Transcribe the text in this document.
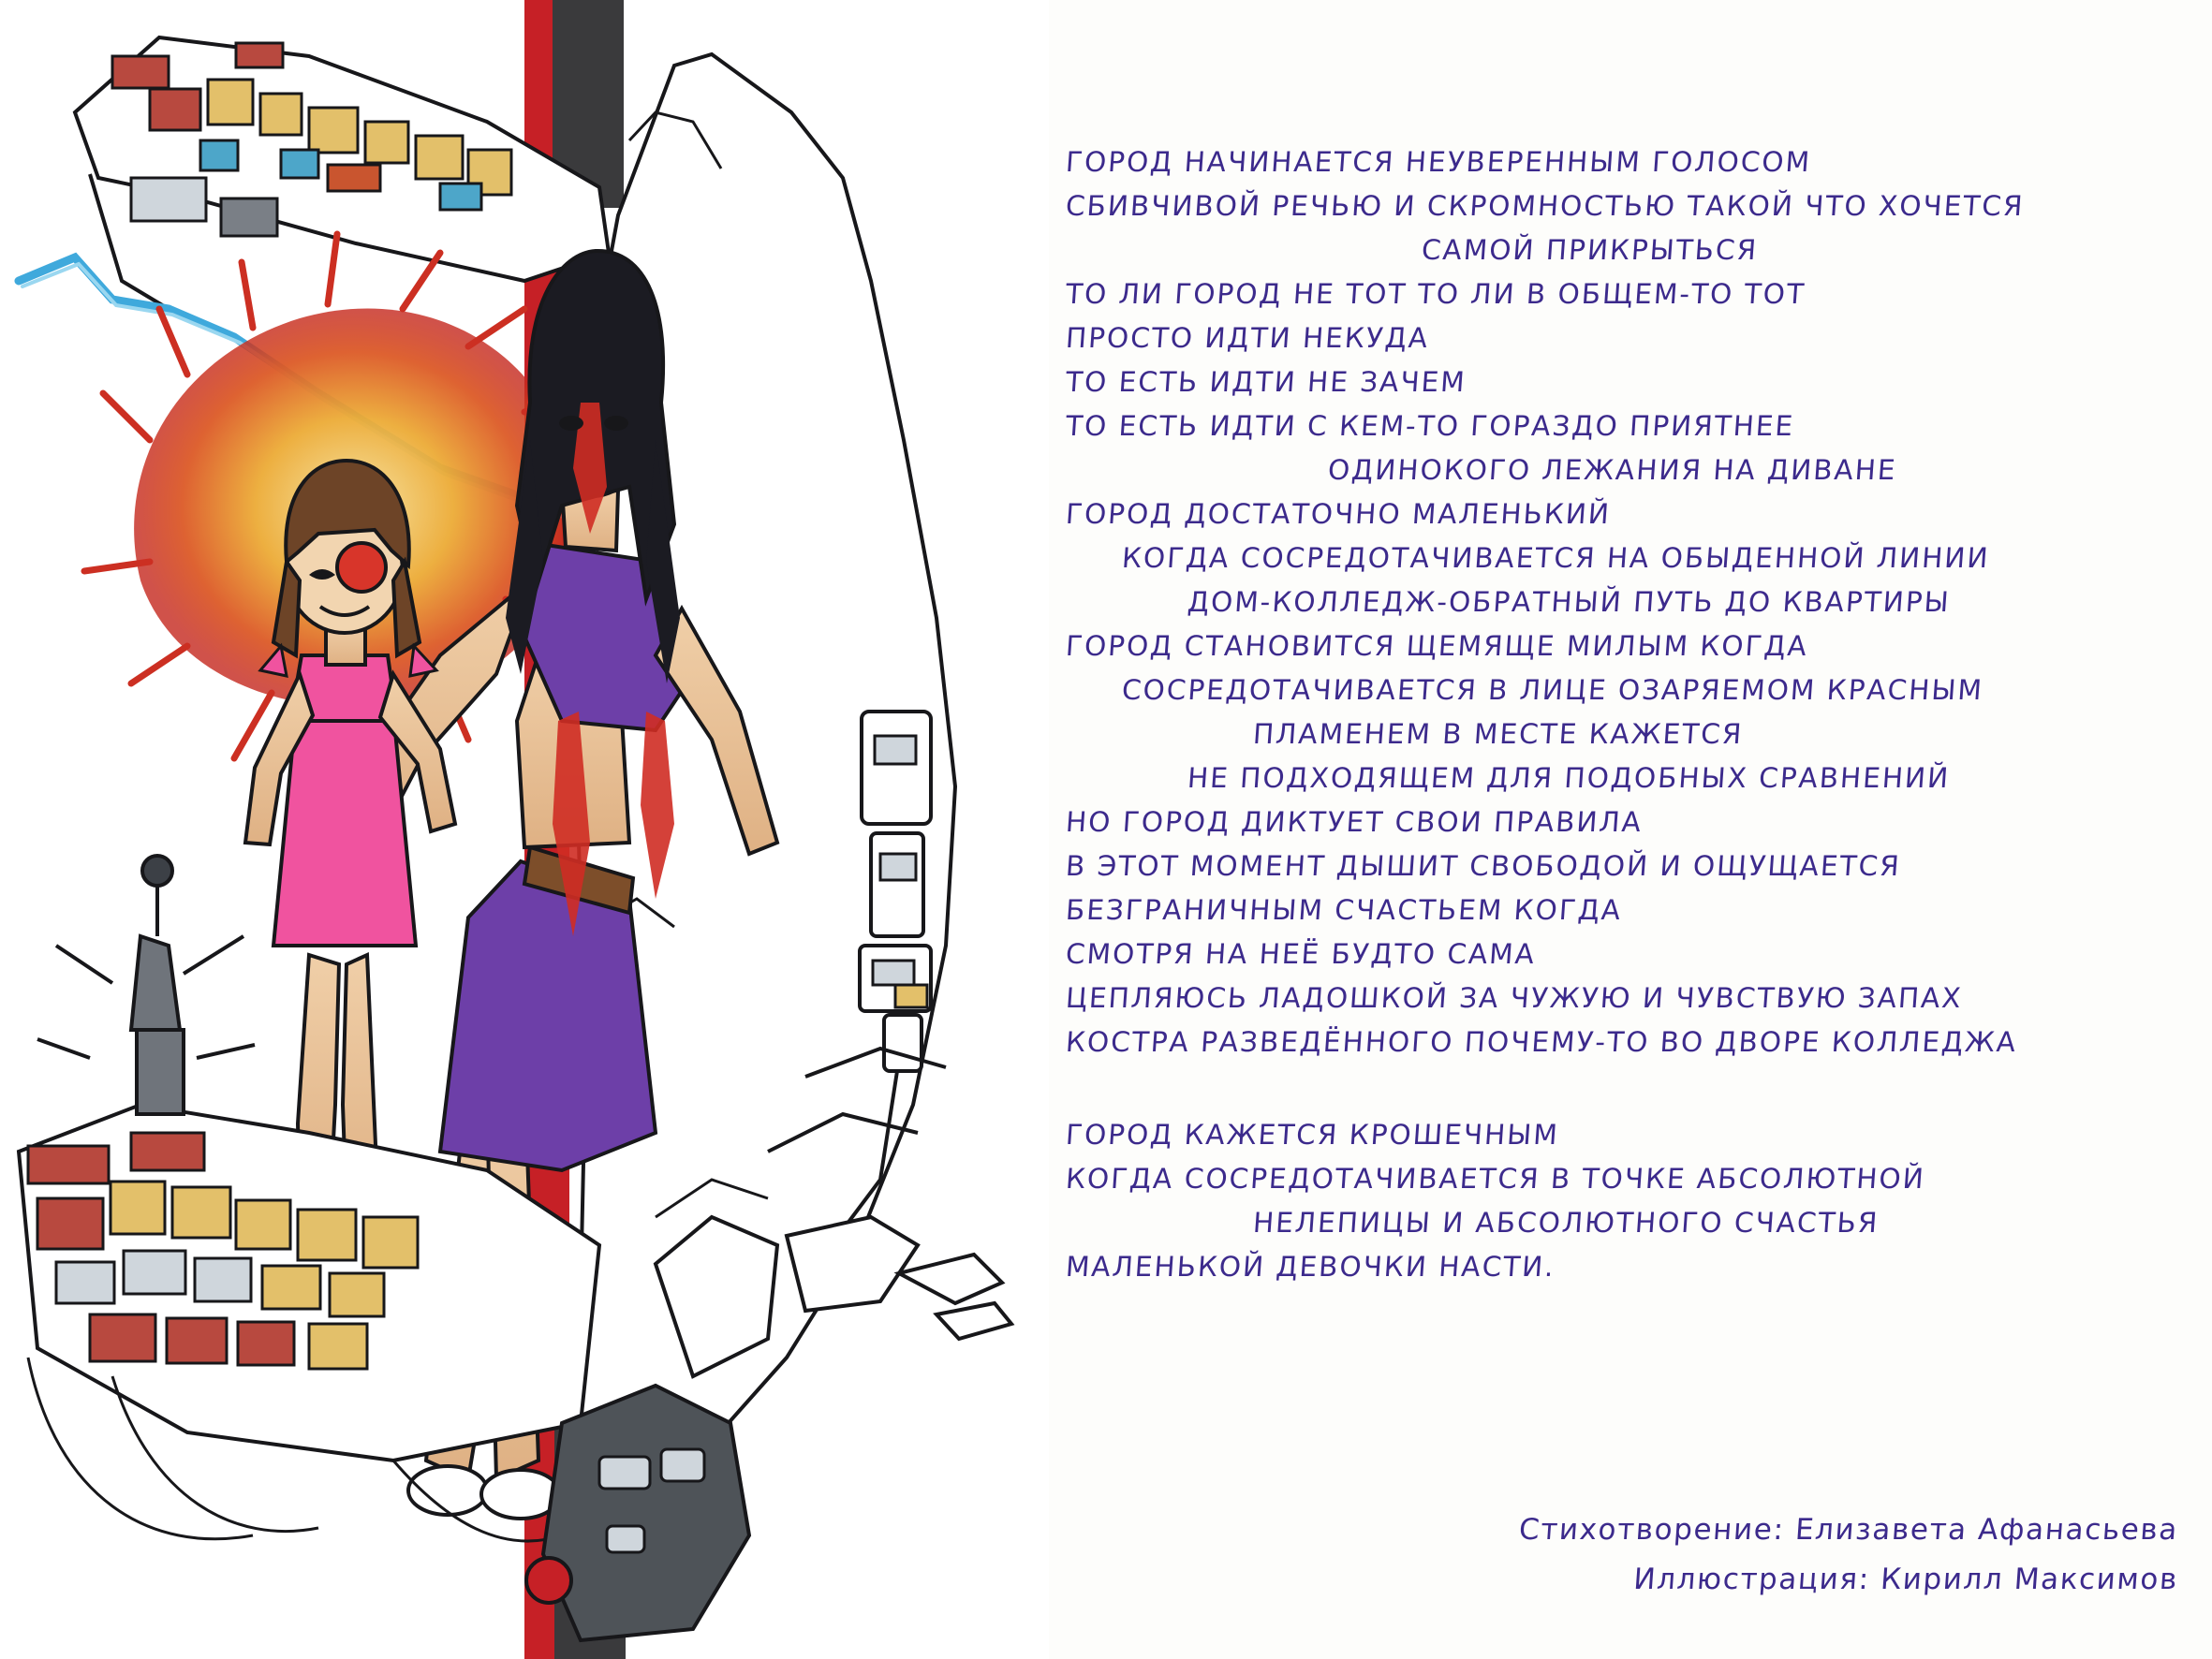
ГОРОД НАЧИНАЕТСЯ НЕУВЕРЕННЫМ ГОЛОСОМ
СБИВЧИВОЙ РЕЧЬЮ И СКРОМНОСТЬЮ ТАКОЙ ЧТО ХОЧЕТСЯ
САМОЙ ПРИКРЫТЬСЯ
ТО ЛИ ГОРОД НЕ ТОТ ТО ЛИ В ОБЩЕМ-ТО ТОТ
ПРОСТО ИДТИ НЕКУДА
ТО ЕСТЬ ИДТИ НЕ ЗАЧЕМ
ТО ЕСТЬ ИДТИ С КЕМ-ТО ГОРАЗДО ПРИЯТНЕЕ
ОДИНОКОГО ЛЕЖАНИЯ НА ДИВАНЕ
ГОРОД ДОСТАТОЧНО МАЛЕНЬКИЙ
КОГДА СОСРЕДОТАЧИВАЕТСЯ НА ОБЫДЕННОЙ ЛИНИИ
ДОМ-КОЛЛЕДЖ-ОБРАТНЫЙ ПУТЬ ДО КВАРТИРЫ
ГОРОД СТАНОВИТСЯ ЩЕМЯЩЕ МИЛЫМ КОГДА
СОСРЕДОТАЧИВАЕТСЯ В ЛИЦЕ ОЗАРЯЕМОМ КРАСНЫМ
ПЛАМЕНЕМ В МЕСТЕ КАЖЕТСЯ
НЕ ПОДХОДЯЩЕМ ДЛЯ ПОДОБНЫХ СРАВНЕНИЙ
НО ГОРОД ДИКТУЕТ СВОИ ПРАВИЛА
В ЭТОТ МОМЕНТ ДЫШИТ СВОБОДОЙ И ОЩУЩАЕТСЯ
БЕЗГРАНИЧНЫМ СЧАСТЬЕМ КОГДА
СМОТРЯ НА НЕЁ БУДТО САМА
ЦЕПЛЯЮСЬ ЛАДОШКОЙ ЗА ЧУЖУЮ И ЧУВСТВУЮ ЗАПАХ
КОСТРА РАЗВЕДЁННОГО ПОЧЕМУ-ТО ВО ДВОРЕ КОЛЛЕДЖА
ГОРОД КАЖЕТСЯ КРОШЕЧНЫМ
КОГДА СОСРЕДОТАЧИВАЕТСЯ В ТОЧКЕ АБСОЛЮТНОЙ
НЕЛЕПИЦЫ И АБСОЛЮТНОГО СЧАСТЬЯ
МАЛЕНЬКОЙ ДЕВОЧКИ НАСТИ.
Стихотворение: Елизавета Афанасьева
Иллюстрация: Кирилл Максимов
